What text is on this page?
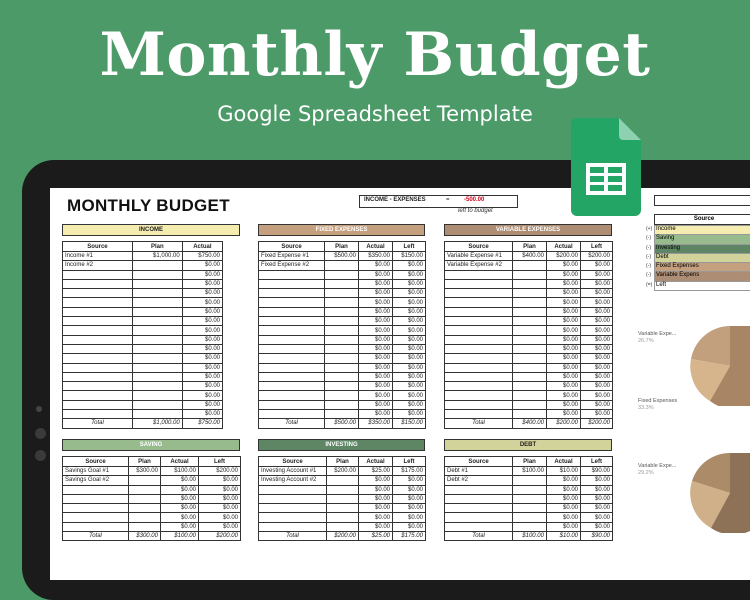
Monthly Budget
Google Spreadsheet Template
MONTHLY BUDGET	INCOME - EXPENSES	= -500.00
left to budget
INCOME
Source	Plan	Actual
Income #1	$1,000.00	$750.00
Income #2		$0.00
		$0.00
		$0.00
		$0.00
		$0.00
		$0.00
		$0.00
		$0.00
		$0.00
		$0.00
		$0.00
		$0.00
		$0.00
		$0.00
		$0.00
		$0.00
		$0.00
Total	$1,000.00	$750.00
FIXED EXPENSES
Source	Plan	Actual	Left
Fixed Expense #1	$500.00	$350.00	$150.00
Fixed Expense #2		$0.00	$0.00
		$0.00	$0.00
		$0.00	$0.00
		$0.00	$0.00
		$0.00	$0.00
		$0.00	$0.00
		$0.00	$0.00
		$0.00	$0.00
		$0.00	$0.00
		$0.00	$0.00
		$0.00	$0.00
		$0.00	$0.00
		$0.00	$0.00
		$0.00	$0.00
		$0.00	$0.00
		$0.00	$0.00
		$0.00	$0.00
Total	$500.00	$350.00	$150.00
VARIABLE EXPENSES
Source	Plan	Actual	Left
Variable Expense #1	$400.00	$200.00	$200.00
Variable Expense #2		$0.00	$0.00
		$0.00	$0.00
		$0.00	$0.00
		$0.00	$0.00
		$0.00	$0.00
		$0.00	$0.00
		$0.00	$0.00
		$0.00	$0.00
		$0.00	$0.00
		$0.00	$0.00
		$0.00	$0.00
		$0.00	$0.00
		$0.00	$0.00
		$0.00	$0.00
		$0.00	$0.00
		$0.00	$0.00
		$0.00	$0.00
Total	$400.00	$200.00	$200.00
SAVING
Source	Plan	Actual	Left
Savings Goal #1	$300.00	$100.00	$200.00
Savings Goal #2		$0.00	$0.00
		$0.00	$0.00
		$0.00	$0.00
		$0.00	$0.00
		$0.00	$0.00
		$0.00	$0.00
Total	$300.00	$100.00	$200.00
INVESTING
Source	Plan	Actual	Left
Investing Account #1	$200.00	$25.00	$175.00
Investing Account #2		$0.00	$0.00
		$0.00	$0.00
		$0.00	$0.00
		$0.00	$0.00
		$0.00	$0.00
		$0.00	$0.00
Total	$200.00	$25.00	$175.00
DEBT
Source	Plan	Actual	Left
Debt #1	$100.00	$10.00	$90.00
Debt #2		$0.00	$0.00
		$0.00	$0.00
		$0.00	$0.00
		$0.00	$0.00
		$0.00	$0.00
		$0.00	$0.00
Total	$100.00	$10.00	$90.00
Source
(+) Income
(-) Saving
(-) Investing
(-) Debt
(-) Fixed Expenses
(-) Variable Expens
(=) Left
Variable Expe...
26.7%
Fixed Expenses
33.3%
Variable Expe...
29.2%
